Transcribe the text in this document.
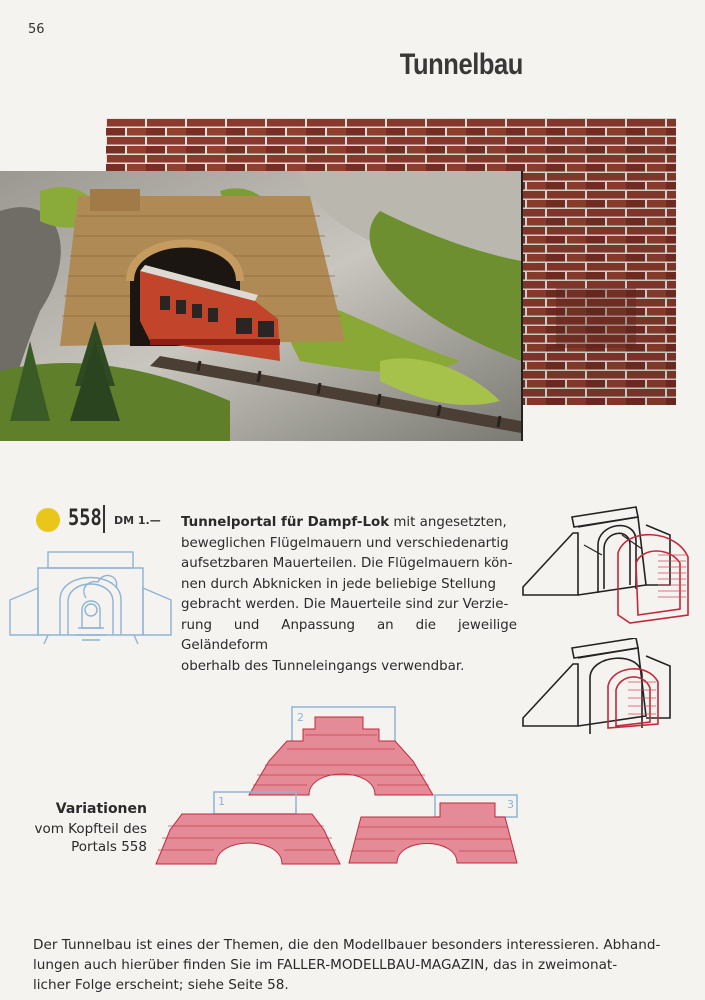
56
Tunnelbau
558 DM 1.— Tunnelportal für Dampf-Lok mit angesetzten,
beweglichen Flügelmauern und verschiedenartig
aufsetzbaren Mauerteilen. Die Flügelmauern kön-
nen durch Abknicken in jede beliebige Stellung
gebracht werden. Die Mauerteile sind zur Verzie-
rung und Anpassung an die jeweilige Geländeform
oberhalb des Tunneleingangs verwendbar.
2
1	3
Variationen
vom Kopfteil des
Portals 558
Der Tunnelbau ist eines der Themen, die den Modellbauer besonders interessieren. Abhand-
lungen auch hierüber finden Sie im FALLER-MODELLBAU-MAGAZIN, das in zweimonat-
licher Folge erscheint; siehe Seite 58.
